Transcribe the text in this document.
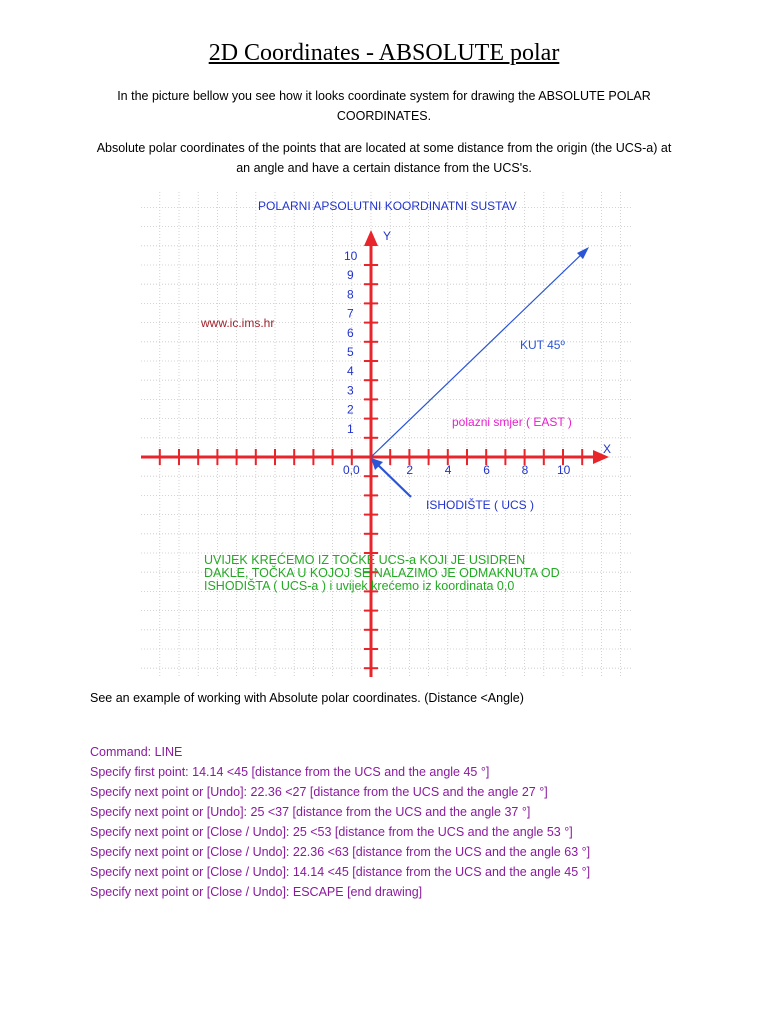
2D Coordinates - ABSOLUTE polar
In the picture bellow you see how it looks coordinate system for drawing the ABSOLUTE POLAR COORDINATES.
Absolute polar coordinates of the points that are located at some distance from the origin (the UCS-a) at an angle and have a certain distance from the UCS's.
2	4	6	8 10
1
2
3
4
5
6
7
8
9
10
POLARNI APSOLUTNI KOORDINATNI SUSTAV
www.ic.ims.hr
KUT 45º
polazni smjer ( EAST )
0,0
ISHODIŠTE ( UCS )
X
Y
UVIJEK KREĆEMO IZ TOČKE UCS-a KOJI JE USIDREN
DAKLE, TOČKA U KOJOJ SE NALAZIMO JE ODMAKNUTA OD
ISHODIŠTA ( UCS-a ) i uvijek krećemo iz koordinata 0,0
See an example of working with Absolute polar coordinates. (Distance <Angle)
Command: LINE
Specify first point: 14.14 <45 [distance from the UCS and the angle 45 °]
Specify next point or [Undo]: 22.36 <27 [distance from the UCS and the angle 27 °]
Specify next point or [Undo]: 25 <37 [distance from the UCS and the angle 37 °]
Specify next point or [Close / Undo]: 25 <53 [distance from the UCS and the angle 53 °]
Specify next point or [Close / Undo]: 22.36 <63 [distance from the UCS and the angle 63 °]
Specify next point or [Close / Undo]: 14.14 <45 [distance from the UCS and the angle 45 °]
Specify next point or [Close / Undo]: ESCAPE [end drawing]
